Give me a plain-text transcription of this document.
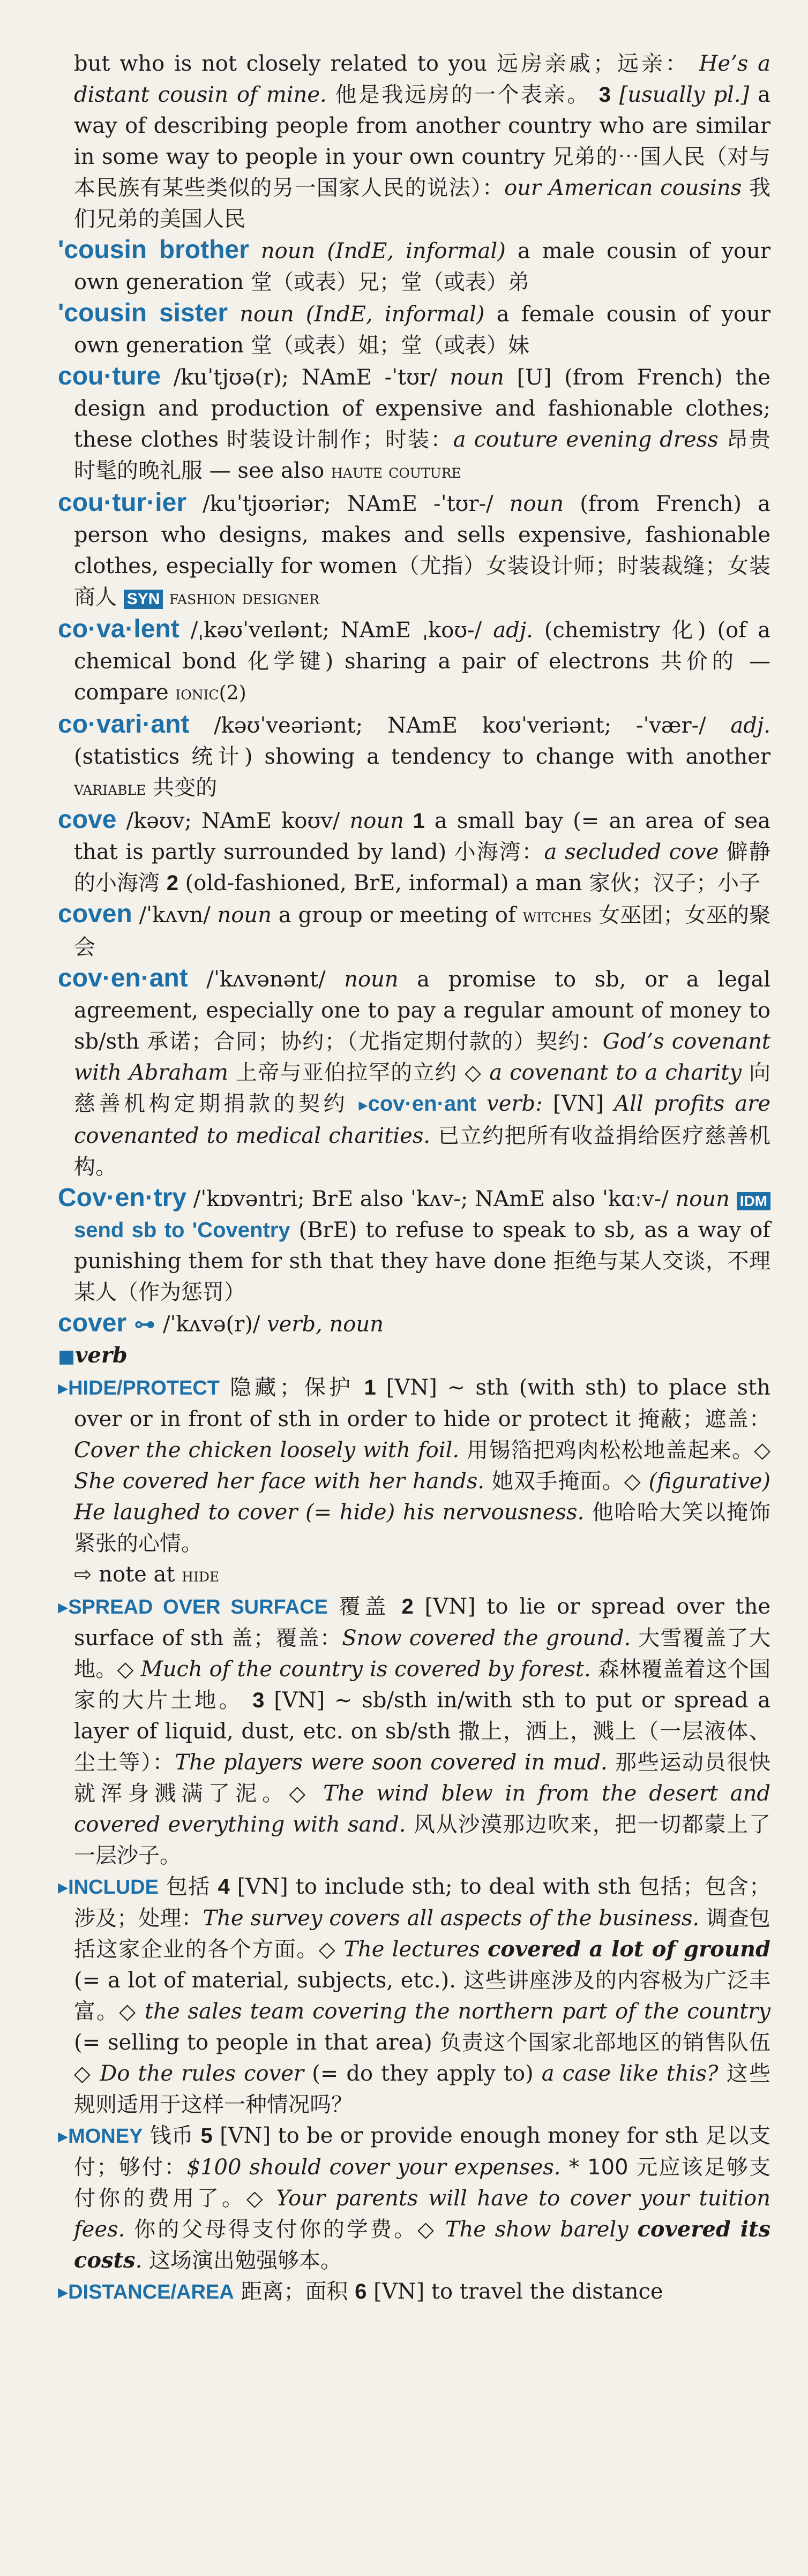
but who is not closely related to you 远房亲戚；远亲： He’s a distant cousin of mine. 他是我远房的一个表亲。 3 [usually pl.] a way of describing people from another country who are similar in some way to people in your own country 兄弟的⋯国人民（对与本民族有某些类似的另一国家人民的说法）：our American cousins 我们兄弟的美国人民

'cousin brother noun (IndE, informal) a male cousin of your own generation 堂（或表）兄；堂（或表）弟

'cousin sister noun (IndE, informal) a female cousin of your own generation 堂（或表）姐；堂（或表）妹

cou·ture /kuˈtjʊə(r); NAmE -ˈtʊr/ noun [U] (from French) the design and production of expensive and fashionable clothes; these clothes 时装设计制作；时装：a couture evening dress 昂贵时髦的晚礼服 — see also haute couture

cou·tur·ier /kuˈtjʊəriər; NAmE -ˈtʊr-/ noun (from French) a person who designs, makes and sells expensive, fashionable clothes, especially for women（尤指）女装设计师；时装裁缝；女装商人 SYN fashion designer

co·va·lent /ˌkəʊˈveɪlənt; NAmE ˌkoʊ-/ adj. (chemistry 化) (of a chemical bond 化学键) sharing a pair of electrons 共价的 — compare ionic(2)

co·vari·ant /kəʊˈveəriənt; NAmE koʊˈveriənt; -ˈvær-/ adj. (statistics 统计) showing a tendency to change with another variable 共变的

cove /kəʊv; NAmE koʊv/ noun 1 a small bay (= an area of sea that is partly surrounded by land) 小海湾：a secluded cove 僻静的小海湾 2 (old-fashioned, BrE, informal) a man 家伙；汉子；小子

coven /ˈkʌvn/ noun a group or meeting of witches 女巫团；女巫的聚会

cov·en·ant /ˈkʌvənənt/ noun a promise to sb, or a legal agreement, especially one to pay a regular amount of money to sb/sth 承诺；合同；协约；（尤指定期付款的）契约：God’s covenant with Abraham 上帝与亚伯拉罕的立约 ◇ a covenant to a charity 向慈善机构定期捐款的契约 ▸cov·en·ant verb: [VN] All profits are covenanted to medical charities. 已立约把所有收益捐给医疗慈善机构。

Cov·en·try /ˈkɒvəntri; BrE also ˈkʌv-; NAmE also ˈkɑːv-/ noun IDM send sb to 'Coventry (BrE) to refuse to speak to sb, as a way of punishing them for sth that they have done 拒绝与某人交谈，不理某人（作为惩罚）

cover ⊶ /ˈkʌvə(r)/ verb, noun

■verb

▸HIDE/PROTECT 隐藏；保护 1 [VN] ~ sth (with sth) to place sth over or in front of sth in order to hide or protect it 掩蔽；遮盖：Cover the chicken loosely with foil. 用锡箔把鸡肉松松地盖起来。◇ She covered her face with her hands. 她双手掩面。◇ (figurative) He laughed to cover (= hide) his nervousness. 他哈哈大笑以掩饰紧张的心情。
⇨ note at hide

▸SPREAD OVER SURFACE 覆盖 2 [VN] to lie or spread over the surface of sth 盖；覆盖：Snow covered the ground. 大雪覆盖了大地。◇ Much of the country is covered by forest. 森林覆盖着这个国家的大片土地。 3 [VN] ~ sb/sth in/with sth to put or spread a layer of liquid, dust, etc. on sb/sth 撒上，洒上，溅上（一层液体、尘土等）：The players were soon covered in mud. 那些运动员很快就浑身溅满了泥。◇ The wind blew in from the desert and covered everything with sand. 风从沙漠那边吹来，把一切都蒙上了一层沙子。

▸INCLUDE 包括 4 [VN] to include sth; to deal with sth 包括；包含；涉及；处理：The survey covers all aspects of the business. 调查包括这家企业的各个方面。◇ The lectures covered a lot of ground (= a lot of material, subjects, etc.). 这些讲座涉及的内容极为广泛丰富。◇ the sales team covering the northern part of the country (= selling to people in that area) 负责这个国家北部地区的销售队伍 ◇ Do the rules cover (= do they apply to) a case like this? 这些规则适用于这样一种情况吗？

▸MONEY 钱币 5 [VN] to be or provide enough money for sth 足以支付；够付：$100 should cover your expenses. * 100 元应该足够支付你的费用了。◇ Your parents will have to cover your tuition fees. 你的父母得支付你的学费。◇ The show barely covered its costs. 这场演出勉强够本。

▸DISTANCE/AREA 距离；面积 6 [VN] to travel the distance
